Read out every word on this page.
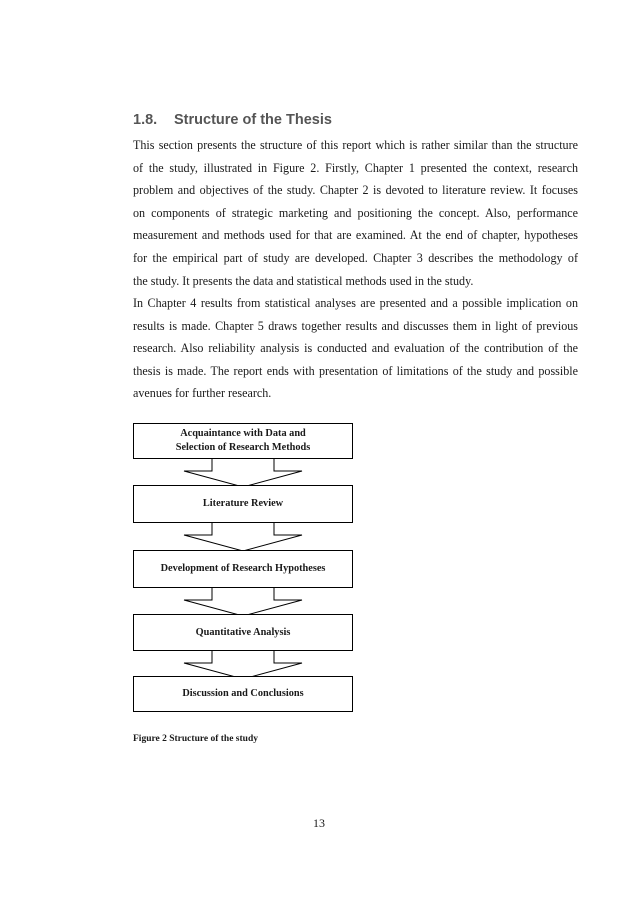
1.8. Structure of the Thesis

This section presents the structure of this report which is rather similar than the structure
of the study, illustrated in Figure 2. Firstly, Chapter 1 presented the context, research
problem and objectives of the study. Chapter 2 is devoted to literature review. It focuses
on components of strategic marketing and positioning the concept. Also, performance
measurement and methods used for that are examined. At the end of chapter, hypotheses
for the empirical part of study are developed. Chapter 3 describes the methodology of
the study. It presents the data and statistical methods used in the study.

In Chapter 4 results from statistical analyses are presented and a possible implication on
results is made. Chapter 5 draws together results and discusses them in light of previous
research. Also reliability analysis is conducted and evaluation of the contribution of the
thesis is made. The report ends with presentation of limitations of the study and possible
avenues for further research.

Acquaintance with Data and
Selection of Research Methods
Literature Review
Development of Research Hypotheses
Quantitative Analysis
Discussion and Conclusions

Figure 2 Structure of the study

13
